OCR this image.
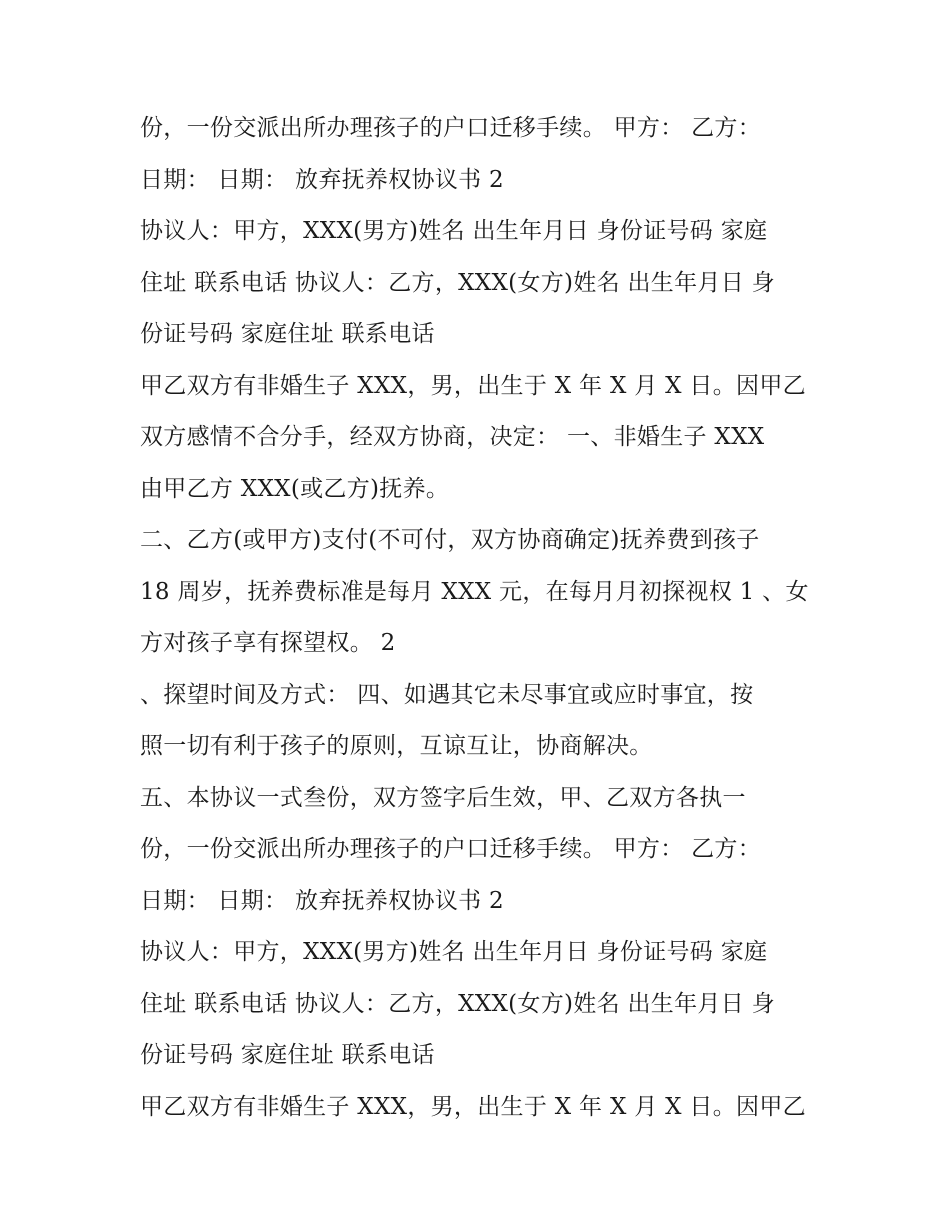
份，一份交派出所办理孩子的户口迁移手续。 甲方： 乙方：
日期： 日期： 放弃抚养权协议书 2
协议人：甲方，XXX(男方)姓名 出生年月日 身份证号码 家庭
住址 联系电话 协议人：乙方，XXX(女方)姓名 出生年月日 身
份证号码 家庭住址 联系电话
甲乙双方有非婚生子 XXX，男，出生于 X 年 X 月 X 日。因甲乙
双方感情不合分手，经双方协商，决定： 一、非婚生子 XXX
由甲乙方 XXX(或乙方)抚养。
二、乙方(或甲方)支付(不可付，双方协商确定)抚养费到孩子
18 周岁，抚养费标准是每月 XXX 元，在每月月初探视权 1 、女
方对孩子享有探望权。 2
、探望时间及方式： 四、如遇其它未尽事宜或应时事宜，按
照一切有利于孩子的原则，互谅互让，协商解决。
五、本协议一式叁份，双方签字后生效，甲、乙双方各执一
份，一份交派出所办理孩子的户口迁移手续。 甲方： 乙方：
日期： 日期： 放弃抚养权协议书 2
协议人：甲方，XXX(男方)姓名 出生年月日 身份证号码 家庭
住址 联系电话 协议人：乙方，XXX(女方)姓名 出生年月日 身
份证号码 家庭住址 联系电话
甲乙双方有非婚生子 XXX，男，出生于 X 年 X 月 X 日。因甲乙
